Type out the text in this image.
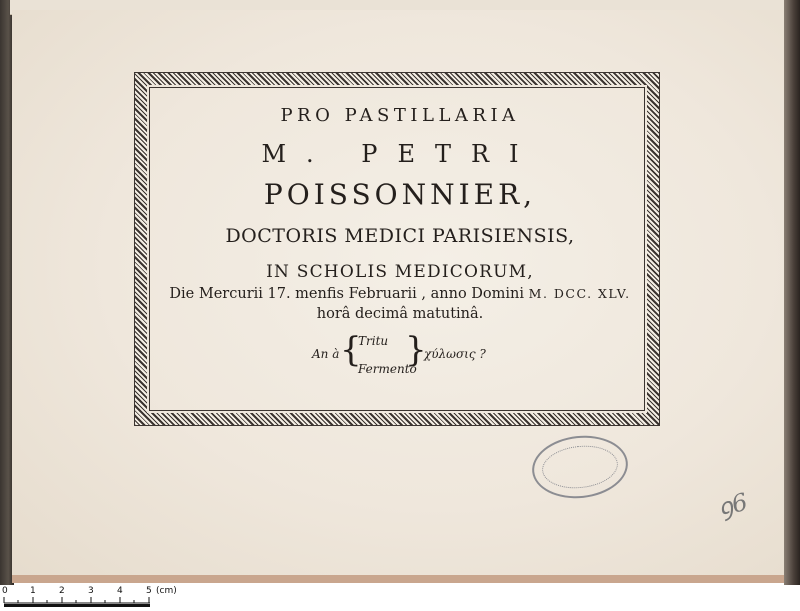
PRO PASTILLARIA
M. PETRI
POISSONNIER,
DOCTORIS MEDICI PARISIENSIS,
IN SCHOLIS MEDICORUM,
Die Mercurii 17. menfis Februarii , anno Domini M. DCC. XLV.
horâ decimâ matutinâ.
An à {
Tritu
Fermento
}
χύλωσις ?
ꝯ6
0 1	2	3	4	5 (cm)
